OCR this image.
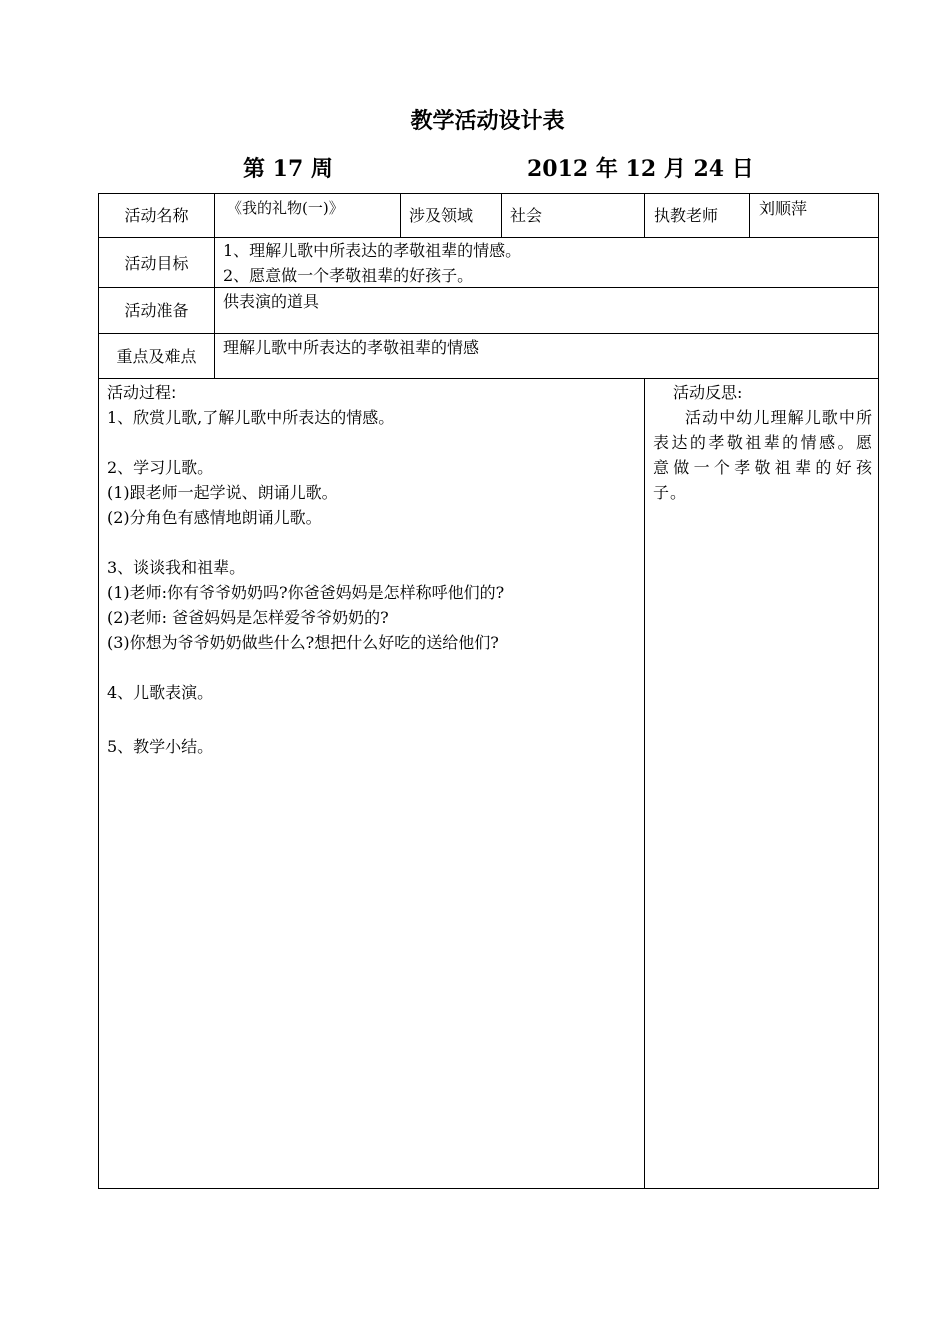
教学活动设计表
第 17 周	2012 年 12 月 24 日
活动名称	《我的礼物(一)》	涉及领域 社会	执教老师	刘顺萍
活动目标
1、理解儿歌中所表达的孝敬祖辈的情感。
2、愿意做一个孝敬祖辈的好孩子。
活动准备	供表演的道具
重点及难点	理解儿歌中所表达的孝敬祖辈的情感

活动过程:

1、欣赏儿歌,了解儿歌中所表达的情感。

2、学习儿歌。

(1)跟老师一起学说、朗诵儿歌。

(2)分角色有感情地朗诵儿歌。

3、谈谈我和祖辈。

(1)老师:你有爷爷奶奶吗?你爸爸妈妈是怎样称呼他们的?

(2)老师: 爸爸妈妈是怎样爱爷爷奶奶的?

(3)你想为爷爷奶奶做些什么?想把什么好吃的送给他们?

4、儿歌表演。

5、教学小结。

活动反思:

活动中幼儿理解儿歌中所表达的孝敬祖辈的情感。愿意做一个孝敬祖辈的好孩子。
